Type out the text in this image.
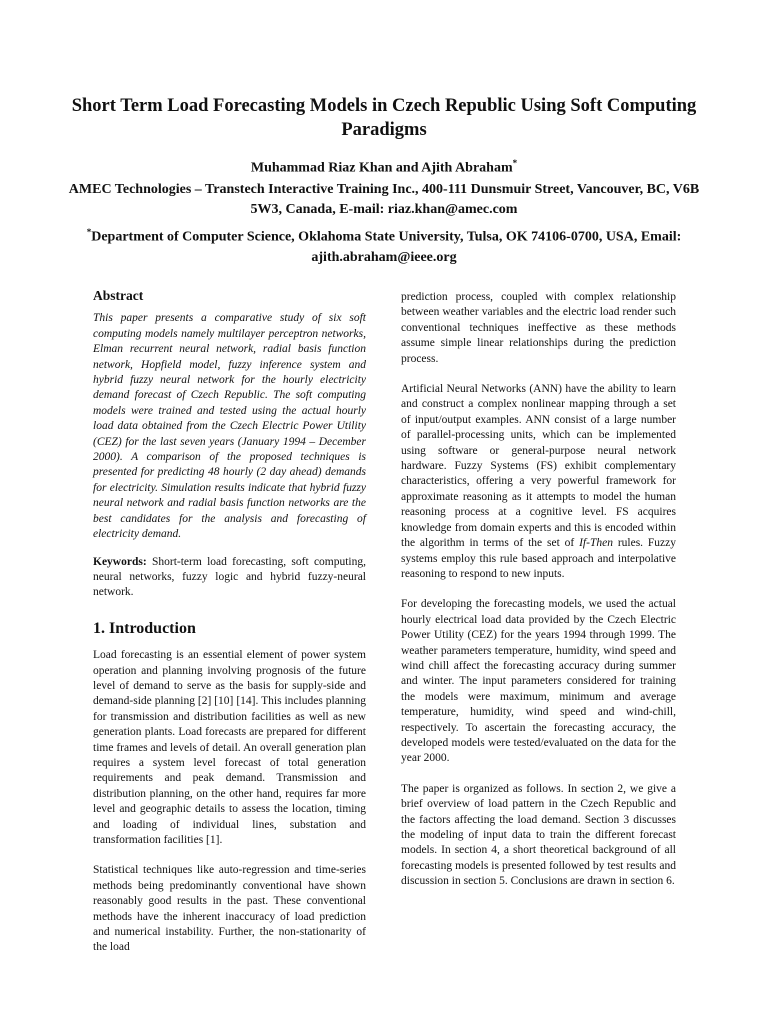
Short Term Load Forecasting Models in Czech Republic Using Soft Computing Paradigms
Muhammad Riaz Khan and Ajith Abraham*
AMEC Technologies – Transtech Interactive Training Inc., 400-111 Dunsmuir Street, Vancouver, BC, V6B 5W3, Canada, E-mail: riaz.khan@amec.com
*Department of Computer Science, Oklahoma State University, Tulsa, OK 74106-0700, USA, Email: ajith.abraham@ieee.org
Abstract

This paper presents a comparative study of six soft computing models namely multilayer perceptron networks, Elman recurrent neural network, radial basis function network, Hopfield model, fuzzy inference system and hybrid fuzzy neural network for the hourly electricity demand forecast of Czech Republic. The soft computing models were trained and tested using the actual hourly load data obtained from the Czech Electric Power Utility (CEZ) for the last seven years (January 1994 – December 2000). A comparison of the proposed techniques is presented for predicting 48 hourly (2 day ahead) demands for electricity. Simulation results indicate that hybrid fuzzy neural network and radial basis function networks are the best candidates for the analysis and forecasting of electricity demand.

Keywords: Short-term load forecasting, soft computing, neural networks, fuzzy logic and hybrid fuzzy-neural network.

1. Introduction

Load forecasting is an essential element of power system operation and planning involving prognosis of the future level of demand to serve as the basis for supply-side and demand-side planning [2] [10] [14]. This includes planning for transmission and distribution facilities as well as new generation plants. Load forecasts are prepared for different time frames and levels of detail. An overall generation plan requires a system level forecast of total generation requirements and peak demand. Transmission and distribution planning, on the other hand, requires far more level and geographic details to assess the location, timing and loading of individual lines, substation and transformation facilities [1].

Statistical techniques like auto-regression and time-series methods being predominantly conventional have shown reasonably good results in the past. These conventional methods have the inherent inaccuracy of load prediction and numerical instability. Further, the non-stationarity of the load

prediction process, coupled with complex relationship between weather variables and the electric load render such conventional techniques ineffective as these methods assume simple linear relationships during the prediction process.

Artificial Neural Networks (ANN) have the ability to learn and construct a complex nonlinear mapping through a set of input/output examples. ANN consist of a large number of parallel-processing units, which can be implemented using software or general-purpose neural network hardware. Fuzzy Systems (FS) exhibit complementary characteristics, offering a very powerful framework for approximate reasoning as it attempts to model the human reasoning process at a cognitive level. FS acquires knowledge from domain experts and this is encoded within the algorithm in terms of the set of If-Then rules. Fuzzy systems employ this rule based approach and interpolative reasoning to respond to new inputs.

For developing the forecasting models, we used the actual hourly electrical load data provided by the Czech Electric Power Utility (CEZ) for the years 1994 through 1999. The weather parameters temperature, humidity, wind speed and wind chill affect the forecasting accuracy during summer and winter. The input parameters considered for training the models were maximum, minimum and average temperature, humidity, wind speed and wind-chill, respectively. To ascertain the forecasting accuracy, the developed models were tested/evaluated on the data for the year 2000.

The paper is organized as follows. In section 2, we give a brief overview of load pattern in the Czech Republic and the factors affecting the load demand. Section 3 discusses the modeling of input data to train the different forecast models. In section 4, a short theoretical background of all forecasting models is presented followed by test results and discussion in section 5. Conclusions are drawn in section 6.
